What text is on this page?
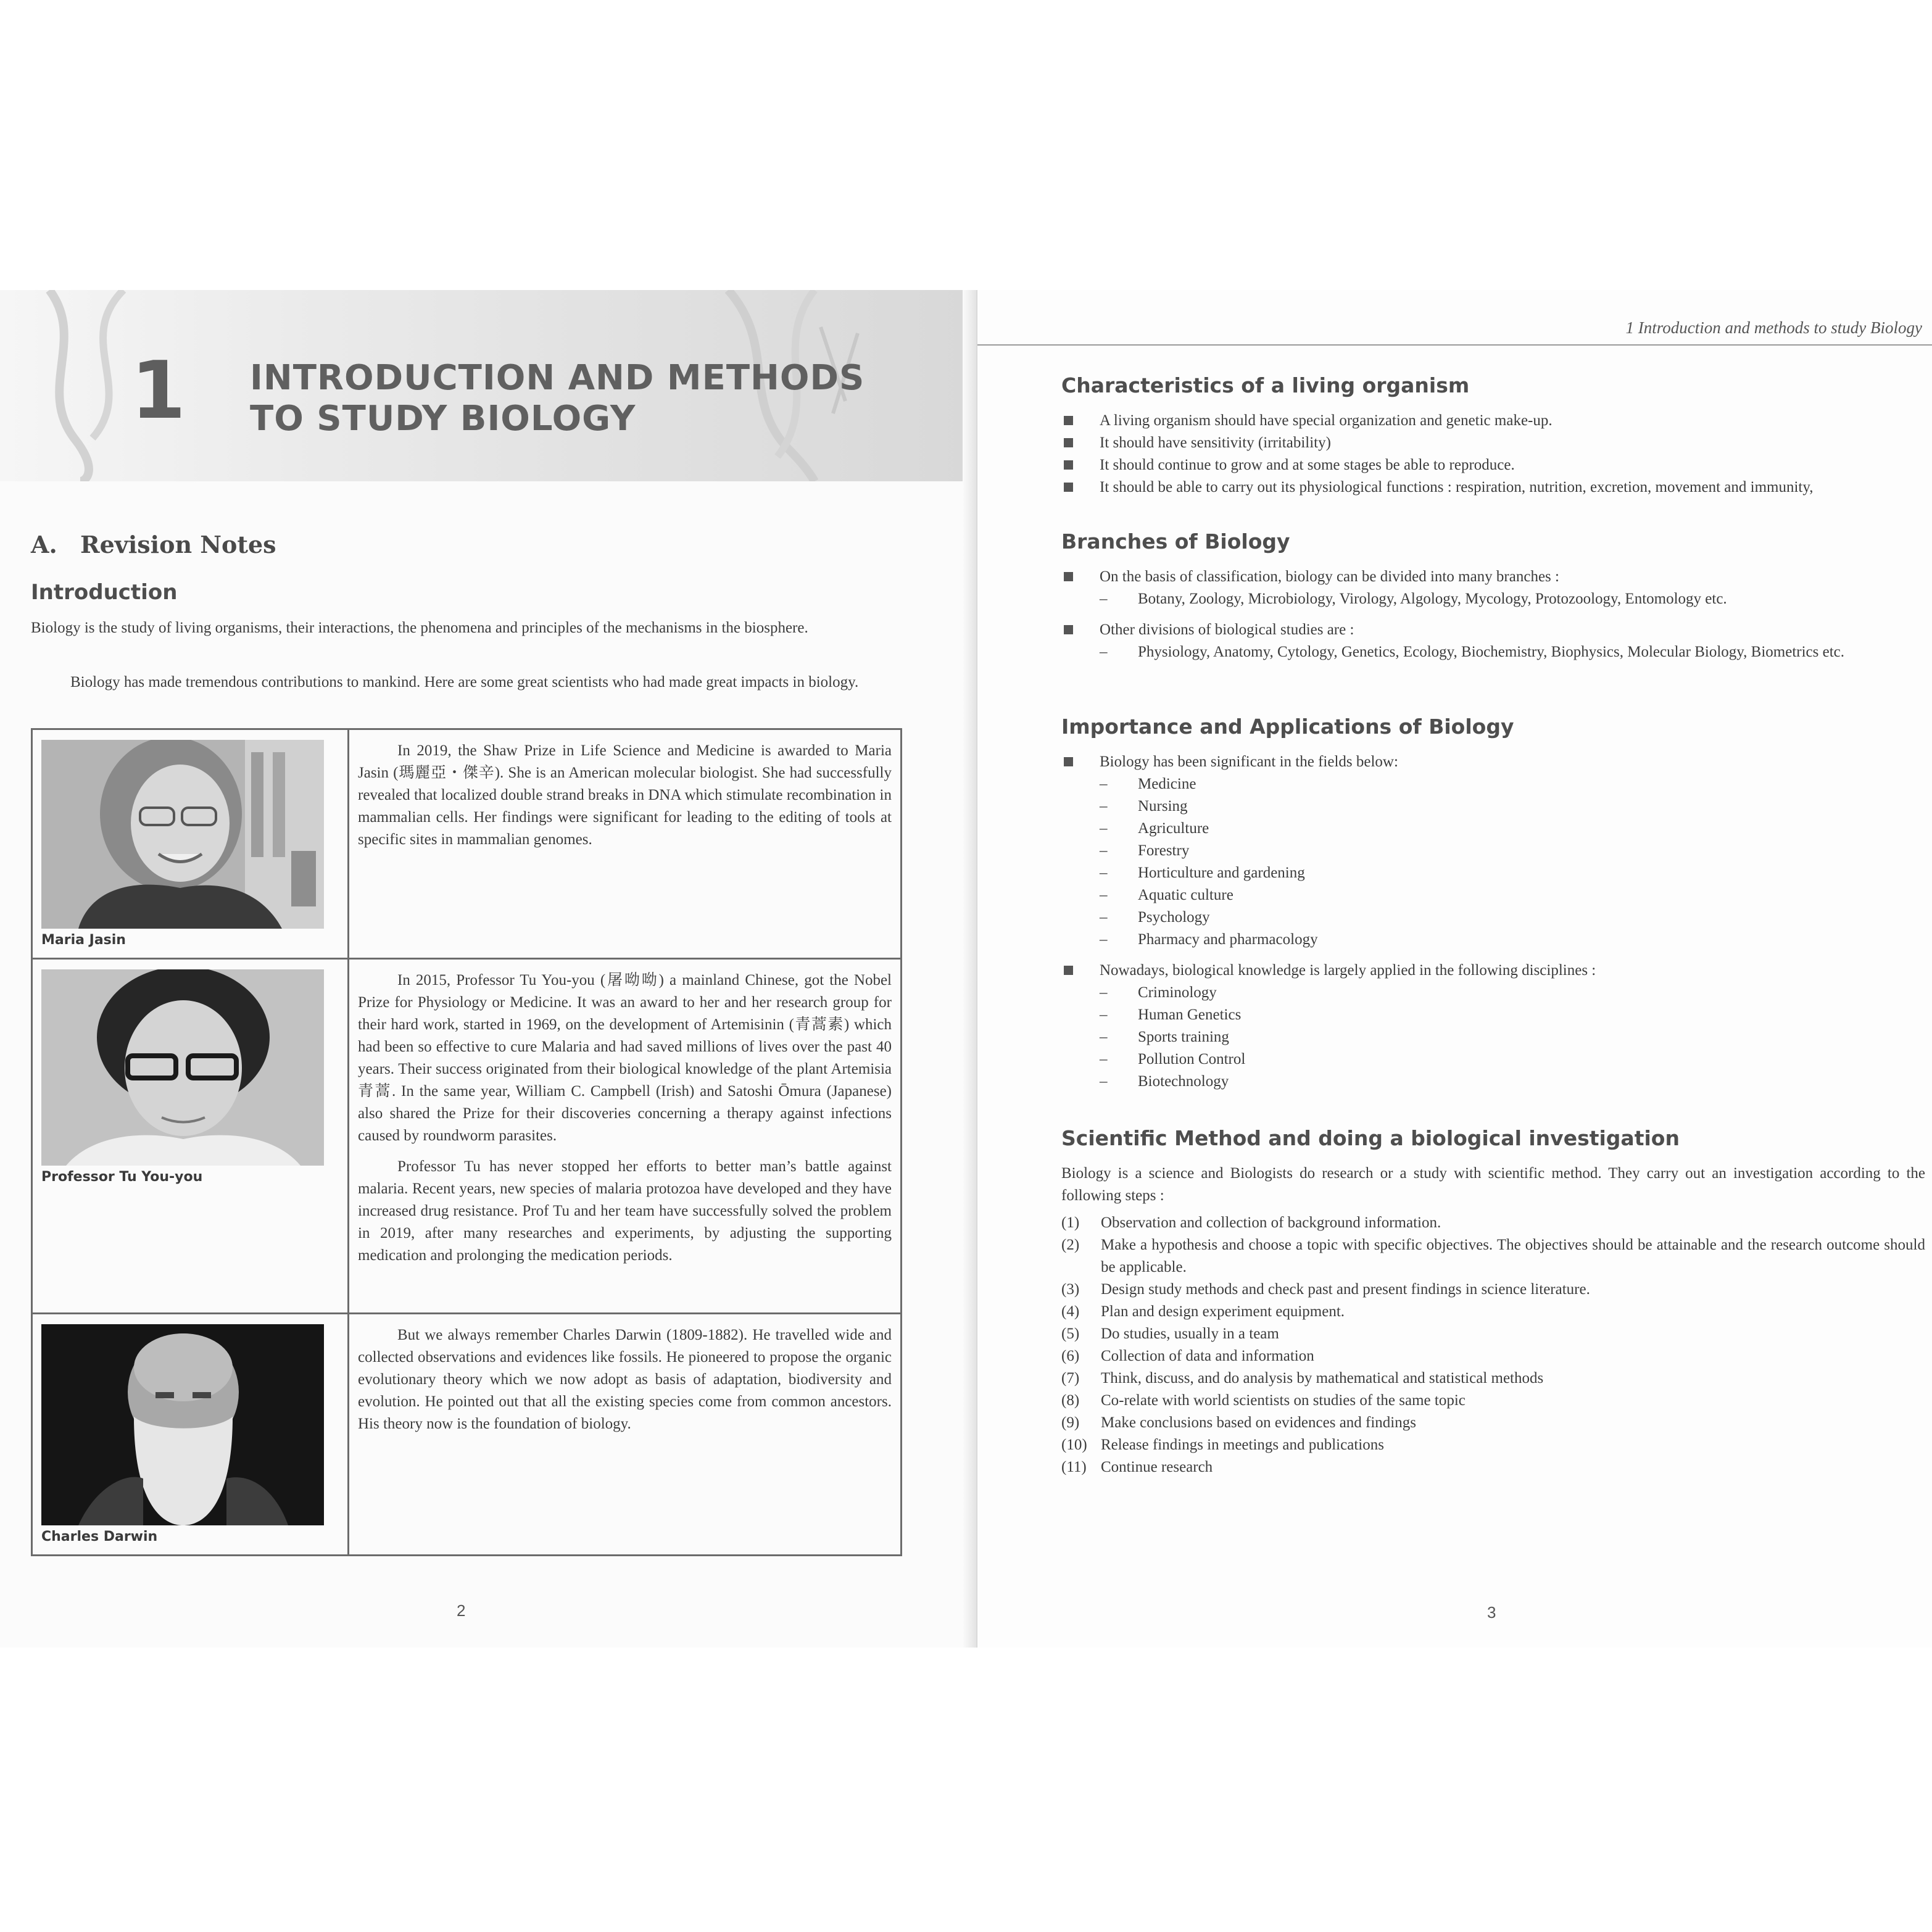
1 INTRODUCTION AND METHODS
TO STUDY BIOLOGY
A. Revision Notes
Introduction
Biology is the study of living organisms, their interactions, the phenomena and principles of the mechanisms in the biosphere.
Biology has made tremendous contributions to mankind. Here are some great scientists who had made great impacts in biology.
Maria Jasin	In 2019, the Shaw Prize in Life Science and Medicine is awarded to Maria Jasin (瑪麗亞・傑辛). She is an American molecular biologist. She had successfully revealed that localized double strand breaks in DNA which stimulate recombination in mammalian cells. Her findings were significant for leading to the editing of tools at specific sites in mammalian genomes.

Professor Tu You-you	In 2015, Professor Tu You-you (屠呦呦) a mainland Chinese, got the Nobel Prize for Physiology or Medicine. It was an award to her and her research group for their hard work, started in 1969, on the development of Artemisinin (青蒿素) which had been so effective to cure Malaria and had saved millions of lives over the past 40 years. Their success originated from their biological knowledge of the plant Artemisia 青蒿. In the same year, William C. Campbell (Irish) and Satoshi Ōmura (Japanese) also shared the Prize for their discoveries concerning a therapy against infections caused by roundworm parasites.

Professor Tu has never stopped her efforts to better man’s battle against malaria. Recent years, new species of malaria protozoa have developed and they have increased drug resistance. Prof Tu and her team have successfully solved the problem in 2019, after many researches and experiments, by adjusting the supporting medication and prolonging the medication periods.

Charles Darwin	But we always remember Charles Darwin (1809-1882). He travelled wide and collected observations and evidences like fossils. He pioneered to propose the organic evolutionary theory which we now adopt as basis of adaptation, biodiversity and evolution. He pointed out that all the existing species come from common ancestors. His theory now is the foundation of biology.

2
1 Introduction and methods to study Biology
Characteristics of a living organism
A living organism should have special organization and genetic make-up.
It should have sensitivity (irritability)
It should continue to grow and at some stages be able to reproduce.
It should be able to carry out its physiological functions : respiration, nutrition, excretion, movement and immunity,
Branches of Biology
On the basis of classification, biology can be divided into many branches :
– Botany, Zoology, Microbiology, Virology, Algology, Mycology, Protozoology, Entomology etc.
Other divisions of biological studies are :
– Physiology, Anatomy, Cytology, Genetics, Ecology, Biochemistry, Biophysics, Molecular Biology, Biometrics etc.
Importance and Applications of Biology
Biology has been significant in the fields below:
– Medicine
– Nursing
– Agriculture
– Forestry
– Horticulture and gardening
– Aquatic culture
– Psychology
– Pharmacy and pharmacology
Nowadays, biological knowledge is largely applied in the following disciplines :
– Criminology
– Human Genetics
– Sports training
– Pollution Control
– Biotechnology
Scientific Method and doing a biological investigation
Biology is a science and Biologists do research or a study with scientific method. They carry out an investigation according to the following steps :
(1) Observation and collection of background information.
(2) Make a hypothesis and choose a topic with specific objectives. The objectives should be attainable and the research outcome should be applicable.
(3) Design study methods and check past and present findings in science literature.
(4) Plan and design experiment equipment.
(5) Do studies, usually in a team
(6) Collection of data and information
(7) Think, discuss, and do analysis by mathematical and statistical methods
(8) Co-relate with world scientists on studies of the same topic
(9) Make conclusions based on evidences and findings
(10) Release findings in meetings and publications
(11) Continue research
3
